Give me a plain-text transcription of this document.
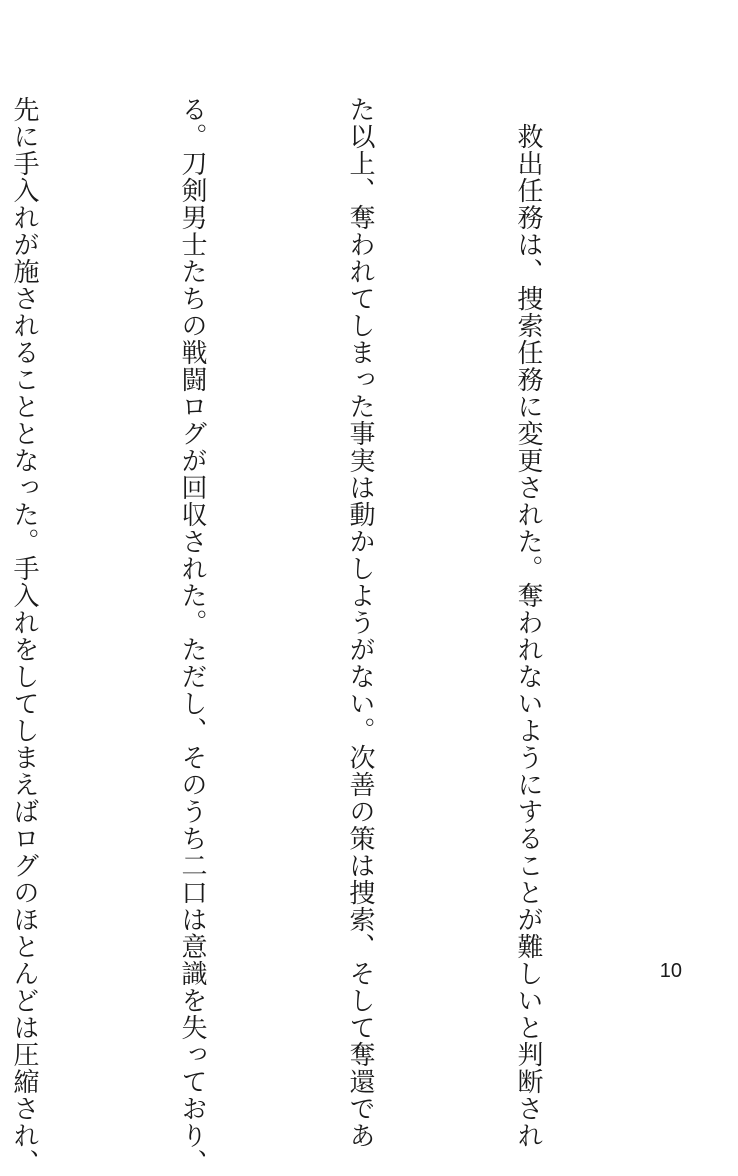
　救出任務は、捜索任務に変更された。奪われないようにすることが難しいと判断され

た以上、奪われてしまった事実は動かしようがない。次善の策は捜索、そして奪還であ

る。刀剣男士たちの戦闘ログが回収された。ただし、そのうち二口は意識を失っており、

先に手入れが施されることとなった。手入れをしてしまえばログのほとんどは圧縮され、

	10
